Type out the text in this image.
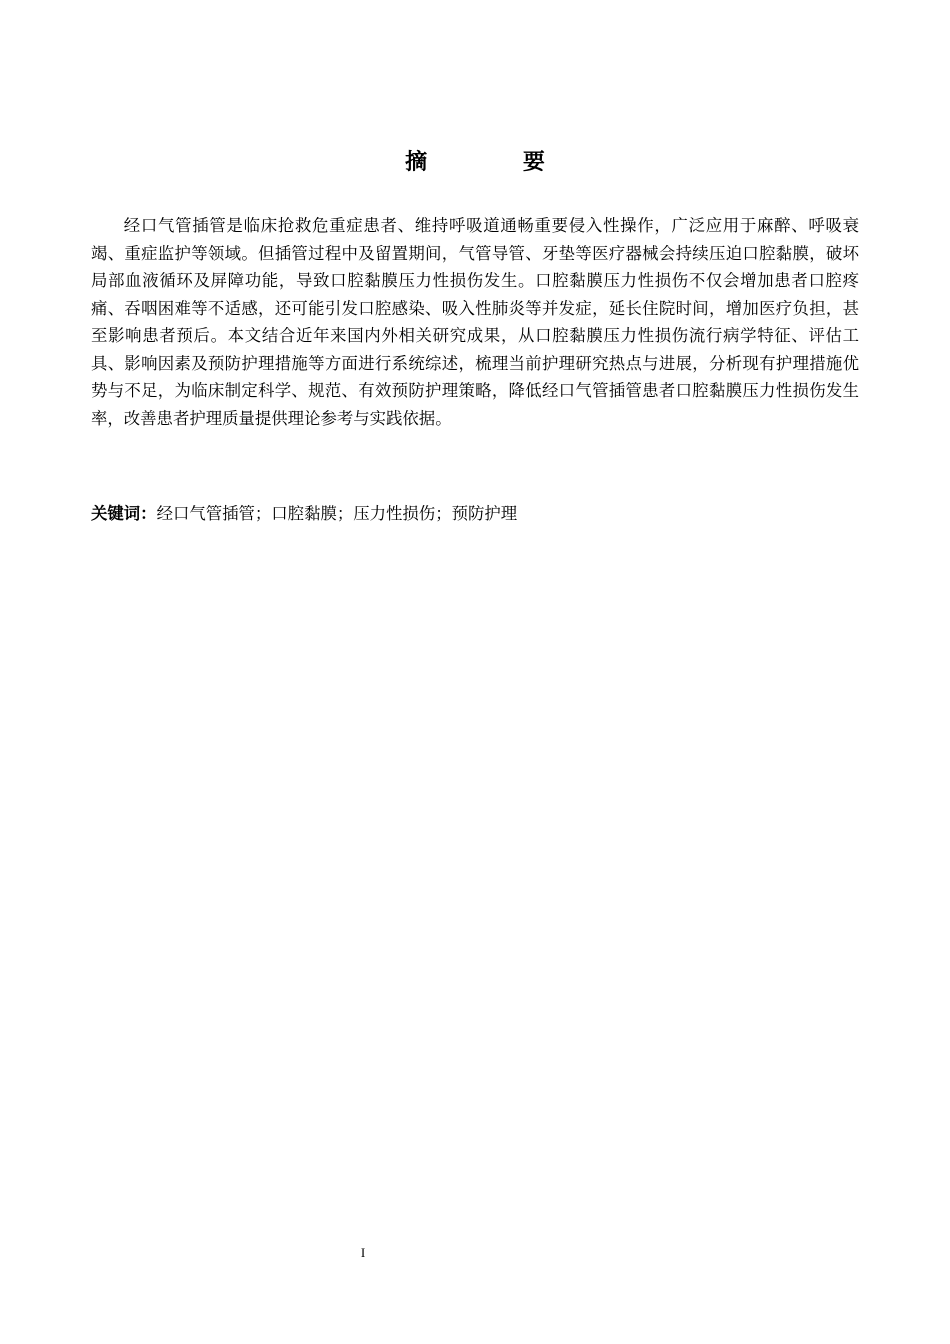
摘 要

经口气管插管是临床抢救危重症患者、维持呼吸道通畅重要侵入性操作，广泛应用于麻醉、呼吸衰竭、重症监护等领域。但插管过程中及留置期间，气管导管、牙垫等医疗器械会持续压迫口腔黏膜，破坏局部血液循环及屏障功能，导致口腔黏膜压力性损伤发生。口腔黏膜压力性损伤不仅会增加患者口腔疼痛、吞咽困难等不适感，还可能引发口腔感染、吸入性肺炎等并发症，延长住院时间，增加医疗负担，甚至影响患者预后。本文结合近年来国内外相关研究成果，从口腔黏膜压力性损伤流行病学特征、评估工具、影响因素及预防护理措施等方面进行系统综述，梳理当前护理研究热点与进展，分析现有护理措施优势与不足，为临床制定科学、规范、有效预防护理策略，降低经口气管插管患者口腔黏膜压力性损伤发生率，改善患者护理质量提供理论参考与实践依据。

关键词：经口气管插管；口腔黏膜；压力性损伤；预防护理

I
